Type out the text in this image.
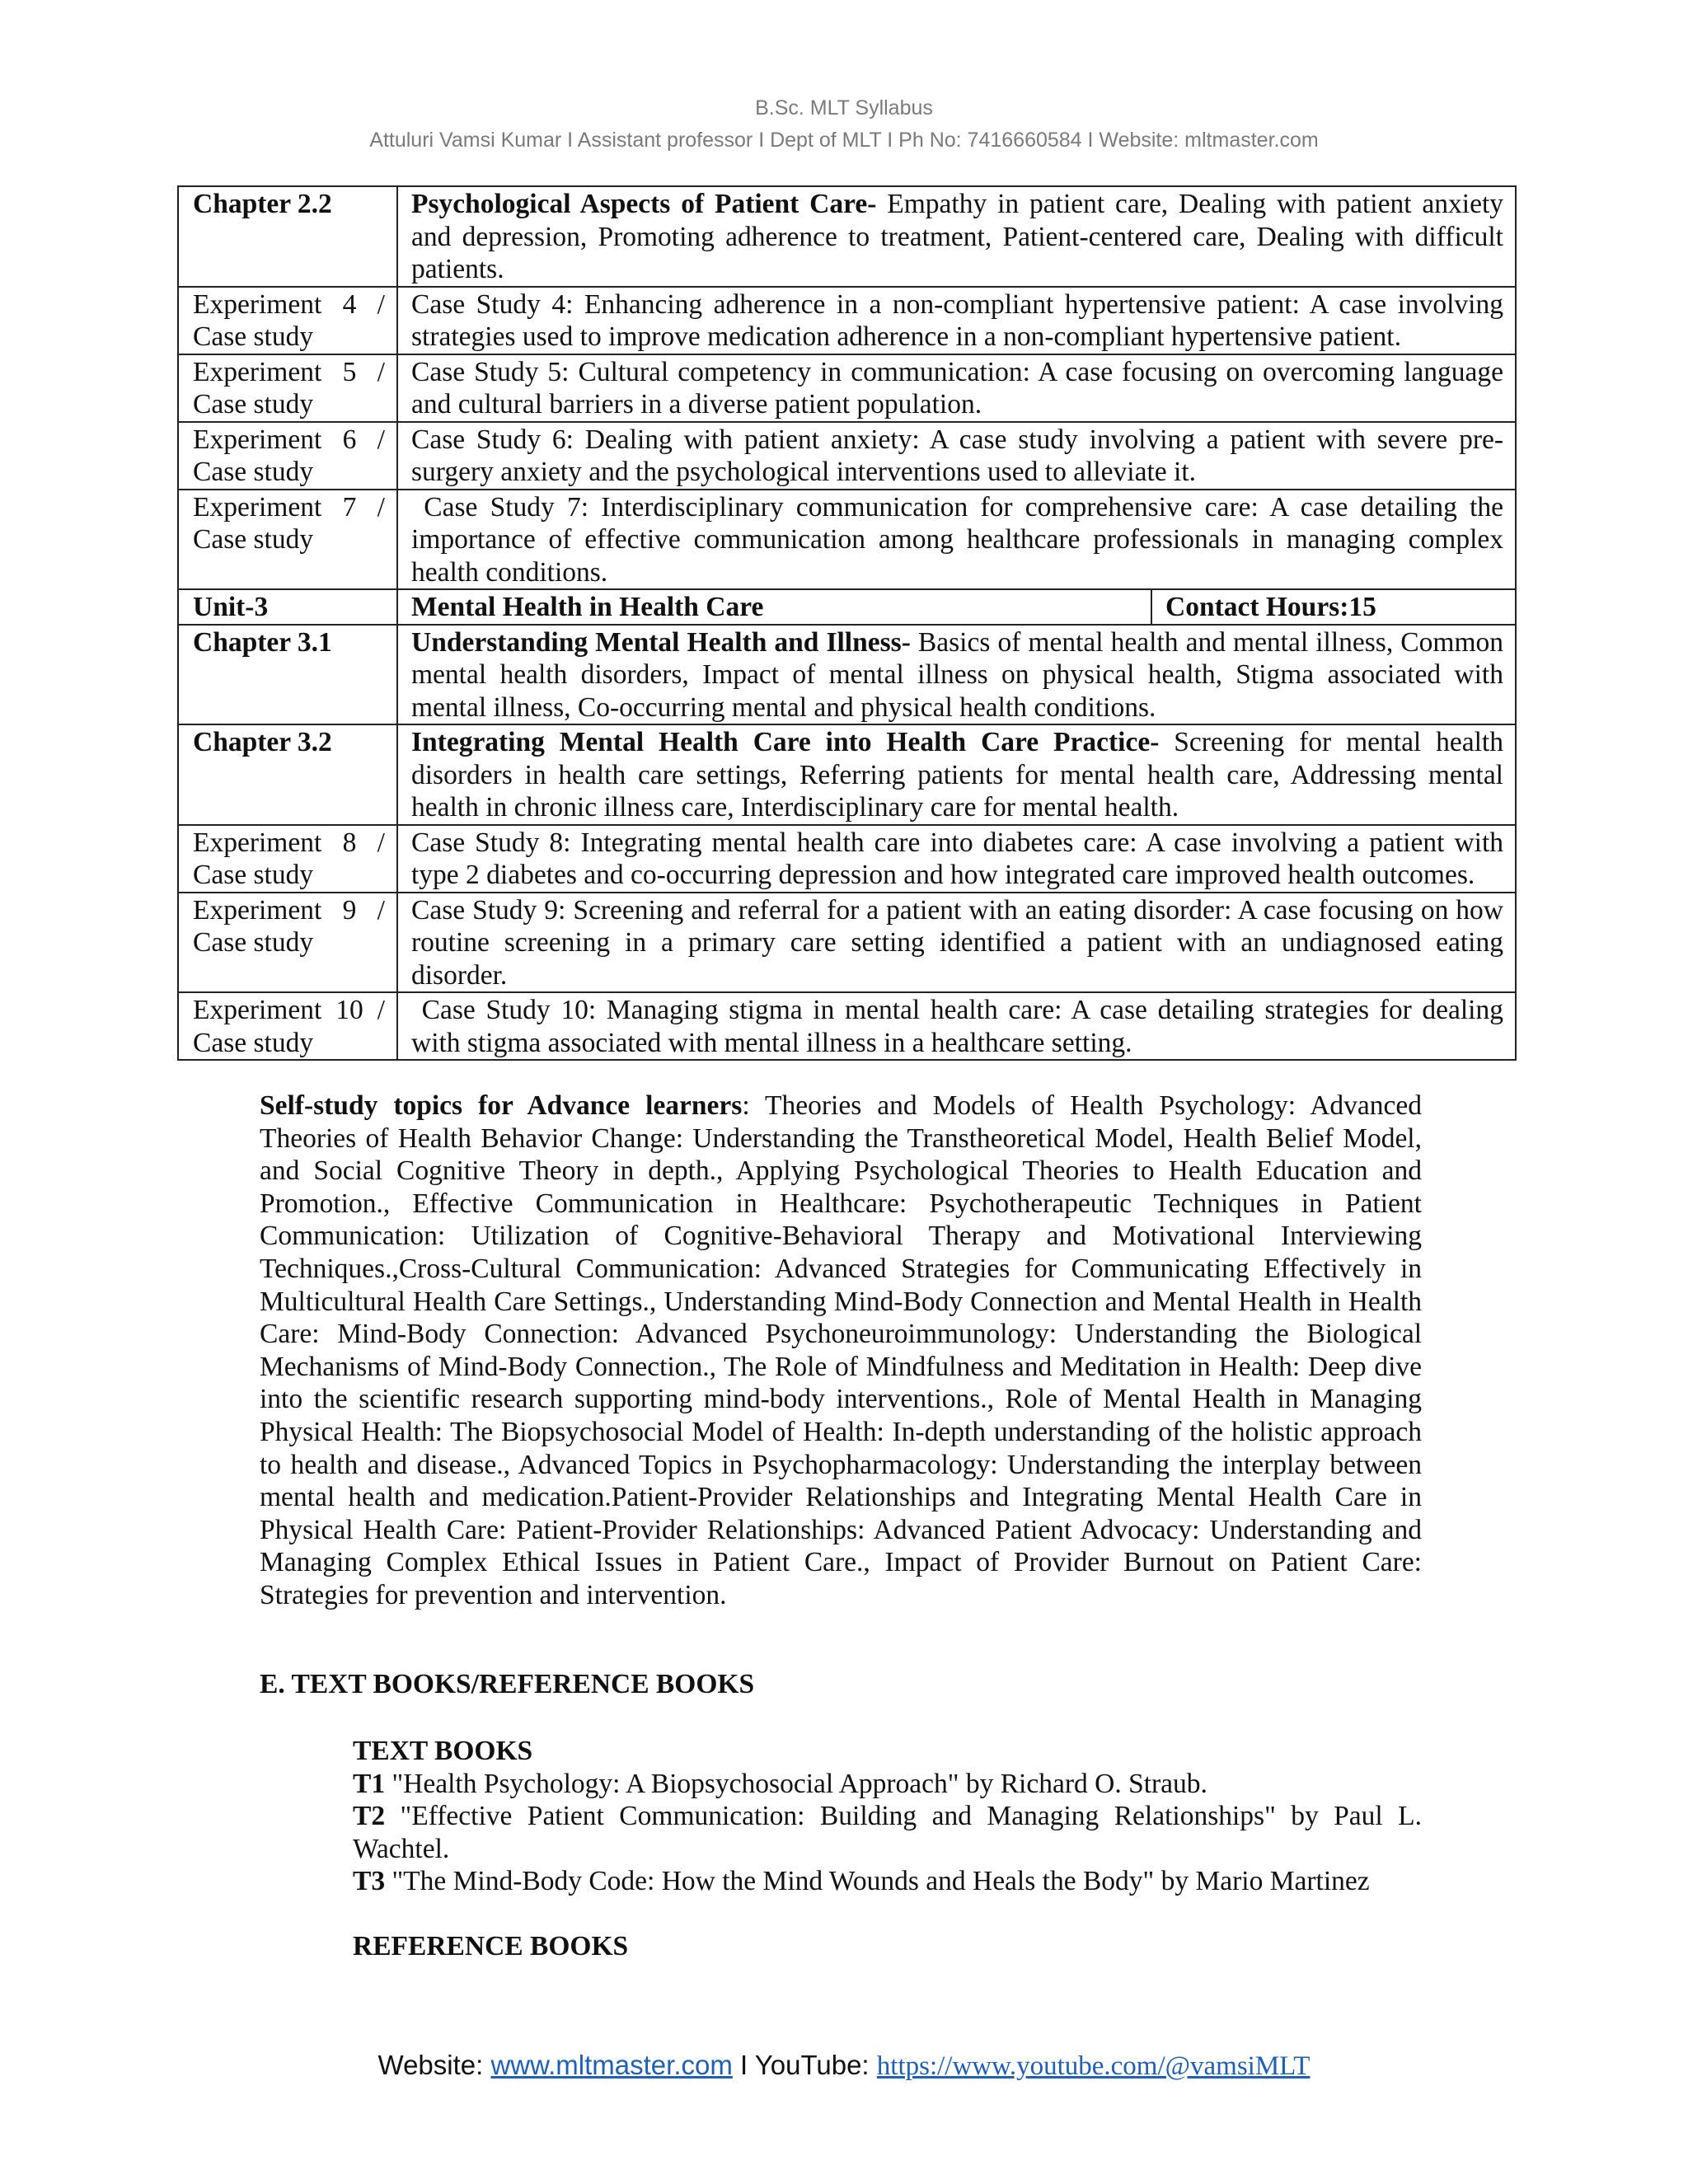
B.Sc. MLT Syllabus
Attuluri Vamsi Kumar I Assistant professor I Dept of MLT I Ph No: 7416660584 I Website: mltmaster.com
Chapter 2.2	Psychological Aspects of Patient Care- Empathy in patient care, Dealing with patient anxiety and depression, Promoting adherence to treatment, Patient-centered care, Dealing with difficult patients.	
Experiment 4 / Case study	Case Study 4: Enhancing adherence in a non-compliant hypertensive patient: A case involving strategies used to improve medication adherence in a non-compliant hypertensive patient.	
Experiment 5 / Case study	Case Study 5: Cultural competency in communication: A case focusing on overcoming language and cultural barriers in a diverse patient population.	
Experiment 6 / Case study	Case Study 6: Dealing with patient anxiety: A case study involving a patient with severe pre-surgery anxiety and the psychological interventions used to alleviate it.	
Experiment 7 / Case study	Case Study 7: Interdisciplinary communication for comprehensive care: A case detailing the importance of effective communication among healthcare professionals in managing complex health conditions.	
Unit-3	Mental Health in Health Care	Contact Hours:15
Chapter 3.1	Understanding Mental Health and Illness- Basics of mental health and mental illness, Common mental health disorders, Impact of mental illness on physical health, Stigma associated with mental illness, Co-occurring mental and physical health conditions.	
Chapter 3.2	Integrating Mental Health Care into Health Care Practice- Screening for mental health disorders in health care settings, Referring patients for mental health care, Addressing mental health in chronic illness care, Interdisciplinary care for mental health.	
Experiment 8 / Case study	Case Study 8: Integrating mental health care into diabetes care: A case involving a patient with type 2 diabetes and co-occurring depression and how integrated care improved health outcomes.	
Experiment 9 / Case study	Case Study 9: Screening and referral for a patient with an eating disorder: A case focusing on how routine screening in a primary care setting identified a patient with an undiagnosed eating disorder.	
Experiment 10 / Case study	Case Study 10: Managing stigma in mental health care: A case detailing strategies for dealing with stigma associated with mental illness in a healthcare setting.	

Self-study topics for Advance learners: Theories and Models of Health Psychology: Advanced Theories of Health Behavior Change: Understanding the Transtheoretical Model, Health Belief Model, and Social Cognitive Theory in depth., Applying Psychological Theories to Health Education and Promotion., Effective Communication in Healthcare: Psychotherapeutic Techniques in Patient Communication: Utilization of Cognitive-Behavioral Therapy and Motivational Interviewing Techniques.,Cross-Cultural Communication: Advanced Strategies for Communicating Effectively in Multicultural Health Care Settings., Understanding Mind-Body Connection and Mental Health in Health Care: Mind-Body Connection: Advanced Psychoneuroimmunology: Understanding the Biological Mechanisms of Mind-Body Connection., The Role of Mindfulness and Meditation in Health: Deep dive into the scientific research supporting mind-body interventions., Role of Mental Health in Managing Physical Health: The Biopsychosocial Model of Health: In-depth understanding of the holistic approach to health and disease., Advanced Topics in Psychopharmacology: Understanding the interplay between mental health and medication.Patient-Provider Relationships and Integrating Mental Health Care in Physical Health Care: Patient-Provider Relationships: Advanced Patient Advocacy: Understanding and Managing Complex Ethical Issues in Patient Care., Impact of Provider Burnout on Patient Care: Strategies for prevention and intervention.

E. TEXT BOOKS/REFERENCE BOOKS

TEXT BOOKS

T1 "Health Psychology: A Biopsychosocial Approach" by Richard O. Straub.

T2 "Effective Patient Communication: Building and Managing Relationships" by Paul L. Wachtel.

T3 "The Mind-Body Code: How the Mind Wounds and Heals the Body" by Mario Martinez

REFERENCE BOOKS

Website: www.mltmaster.com I YouTube: https://www.youtube.com/@vamsiMLT
